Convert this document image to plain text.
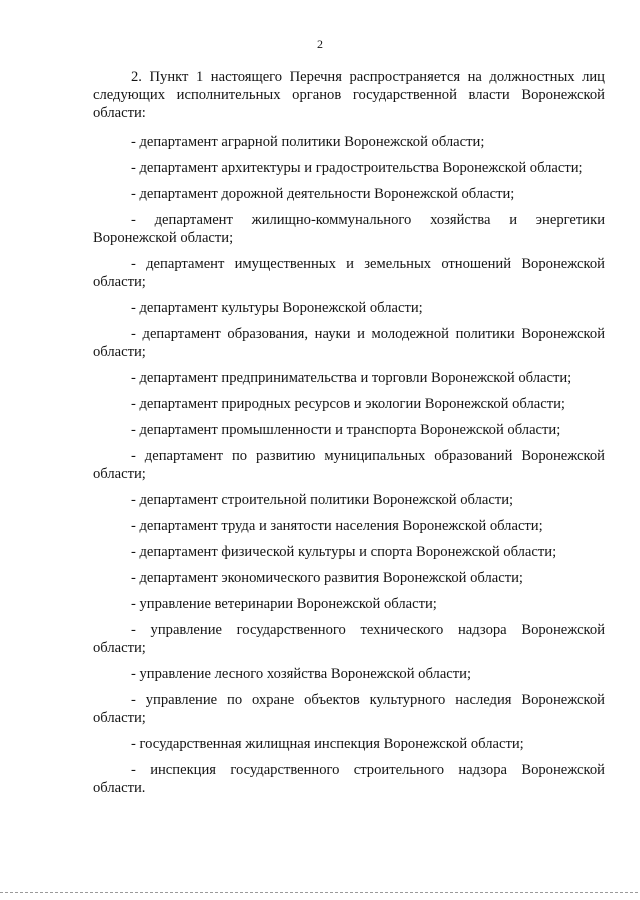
2

2. Пункт 1 настоящего Перечня распространяется на должностных лиц следующих исполнительных органов государственной власти Воронежской области:

- департамент аграрной политики Воронежской области;

- департамент архитектуры и градостроительства Воронежской области;

- департамент дорожной деятельности Воронежской области;

- департамент жилищно-коммунального хозяйства и энергетики Воронежской области;

- департамент имущественных и земельных отношений Воронежской области;

- департамент культуры Воронежской области;

- департамент образования, науки и молодежной политики Воронежской области;

- департамент предпринимательства и торговли Воронежской области;

- департамент природных ресурсов и экологии Воронежской области;

- департамент промышленности и транспорта Воронежской области;

- департамент по развитию муниципальных образований Воронежской области;

- департамент строительной политики Воронежской области;

- департамент труда и занятости населения Воронежской области;

- департамент физической культуры и спорта Воронежской области;

- департамент экономического развития Воронежской области;

- управление ветеринарии Воронежской области;

- управление государственного технического надзора Воронежской области;

- управление лесного хозяйства Воронежской области;

- управление по охране объектов культурного наследия Воронежской области;

- государственная жилищная инспекция Воронежской области;

- инспекция государственного строительного надзора Воронежской области.
